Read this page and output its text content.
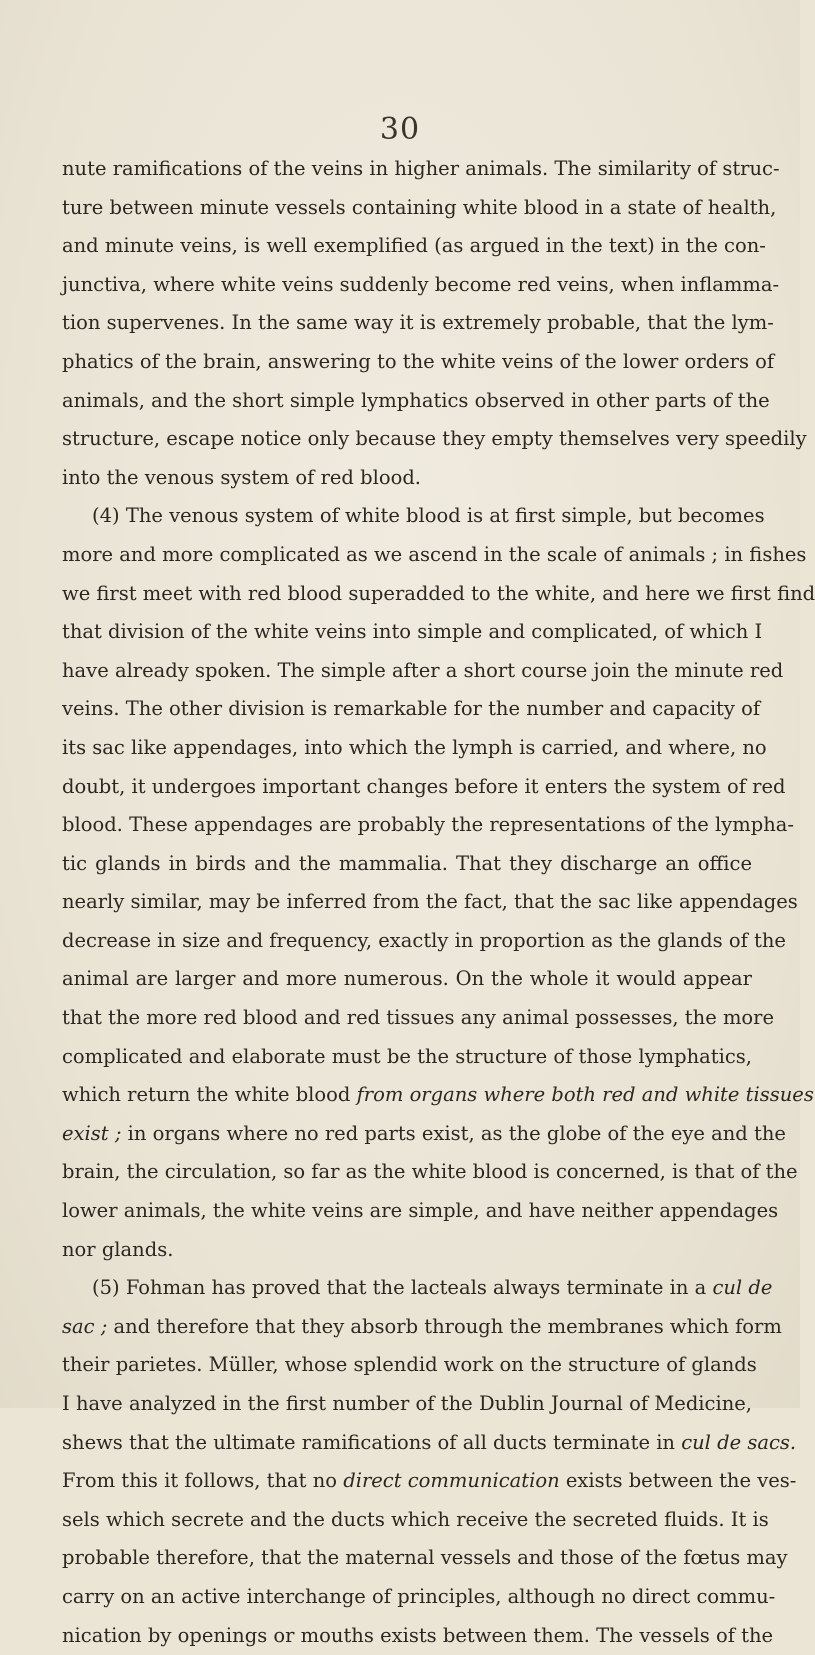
30

nute ramifications of the veins in higher animals. The similarity of struc-
ture between minute vessels containing white blood in a state of health,
and minute veins, is well exemplified (as argued in the text) in the con-
junctiva, where white veins suddenly become red veins, when inflamma-
tion supervenes. In the same way it is extremely probable, that the lym-
phatics of the brain, answering to the white veins of the lower orders of
animals, and the short simple lymphatics observed in other parts of the
structure, escape notice only because they empty themselves very speedily
into the venous system of red blood.
(4) The venous system of white blood is at first simple, but becomes
more and more complicated as we ascend in the scale of animals ; in fishes
we first meet with red blood superadded to the white, and here we first find
that division of the white veins into simple and complicated, of which I
have already spoken. The simple after a short course join the minute red
veins. The other division is remarkable for the number and capacity of
its sac like appendages, into which the lymph is carried, and where, no
doubt, it undergoes important changes before it enters the system of red
blood. These appendages are probably the representations of the lympha-
tic glands in birds and the mammalia. That they discharge an office
nearly similar, may be inferred from the fact, that the sac like appendages
decrease in size and frequency, exactly in proportion as the glands of the
animal are larger and more numerous. On the whole it would appear
that the more red blood and red tissues any animal possesses, the more
complicated and elaborate must be the structure of those lymphatics,
which return the white blood from organs where both red and white tissues
exist ; in organs where no red parts exist, as the globe of the eye and the
brain, the circulation, so far as the white blood is concerned, is that of the
lower animals, the white veins are simple, and have neither appendages
nor glands.
(5) Fohman has proved that the lacteals always terminate in a cul de
sac ; and therefore that they absorb through the membranes which form
their parietes. Müller, whose splendid work on the structure of glands
I have analyzed in the first number of the Dublin Journal of Medicine,
shews that the ultimate ramifications of all ducts terminate in cul de sacs.
From this it follows, that no direct communication exists between the ves-
sels which secrete and the ducts which receive the secreted fluids. It is
probable therefore, that the maternal vessels and those of the fœtus may
carry on an active interchange of principles, although no direct commu-
nication by openings or mouths exists between them. The vessels of the
